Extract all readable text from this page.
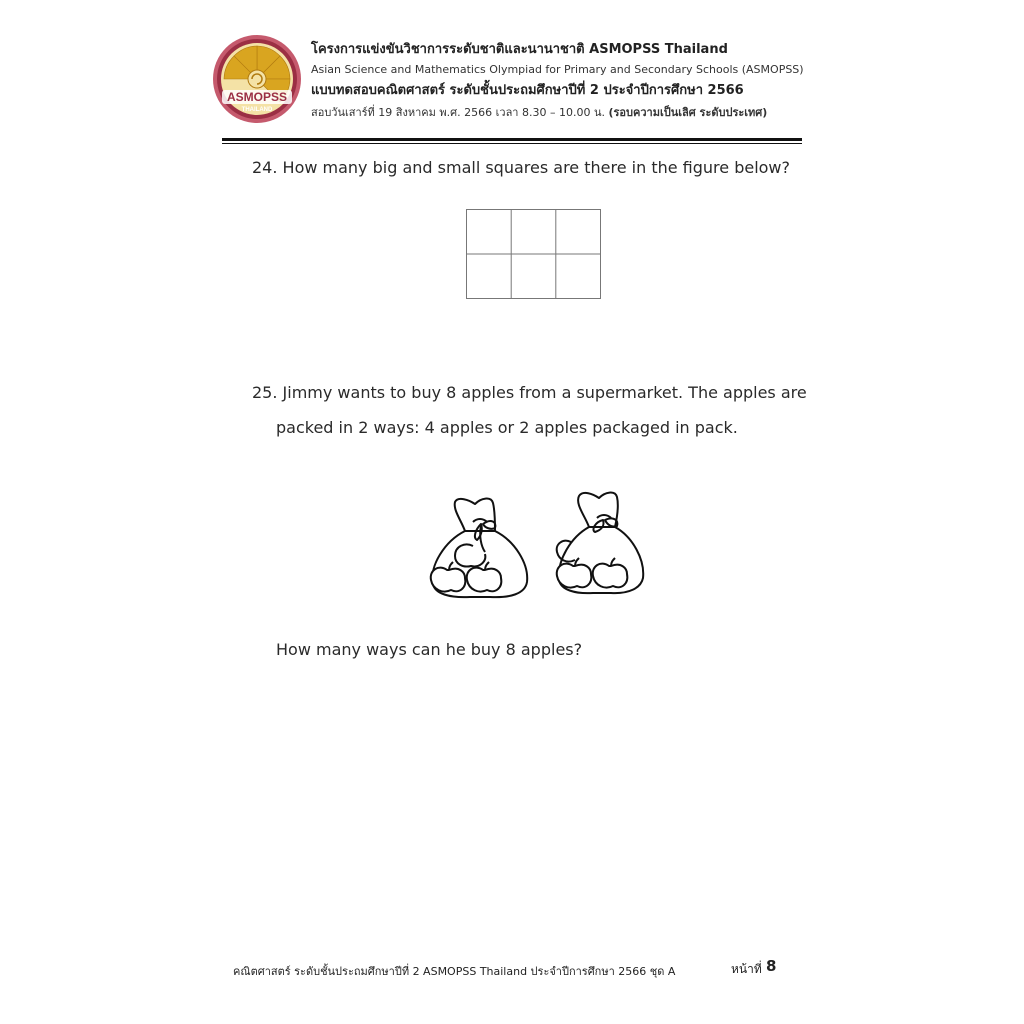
ASMOPSS
THAILAND
โครงการแข่งขันวิชาการระดับชาติและนานาชาติ ASMOPSS Thailand
Asian Science and Mathematics Olympiad for Primary and Secondary Schools (ASMOPSS)
แบบทดสอบคณิตศาสตร์ ระดับชั้นประถมศึกษาปีที่ 2 ประจำปีการศึกษา 2566
สอบวันเสาร์ที่ 19 สิงหาคม พ.ศ. 2566 เวลา 8.30 – 10.00 น. (รอบความเป็นเลิศ ระดับประเทศ)
24. How many big and small squares are there in the figure below?
25. Jimmy wants to buy 8 apples from a supermarket. The apples are
packed in 2 ways: 4 apples or 2 apples packaged in pack.
How many ways can he buy 8 apples?
คณิตศาสตร์ ระดับชั้นประถมศึกษาปีที่ 2 ASMOPSS Thailand ประจำปีการศึกษา 2566 ชุด A	หน้าที่ 8
